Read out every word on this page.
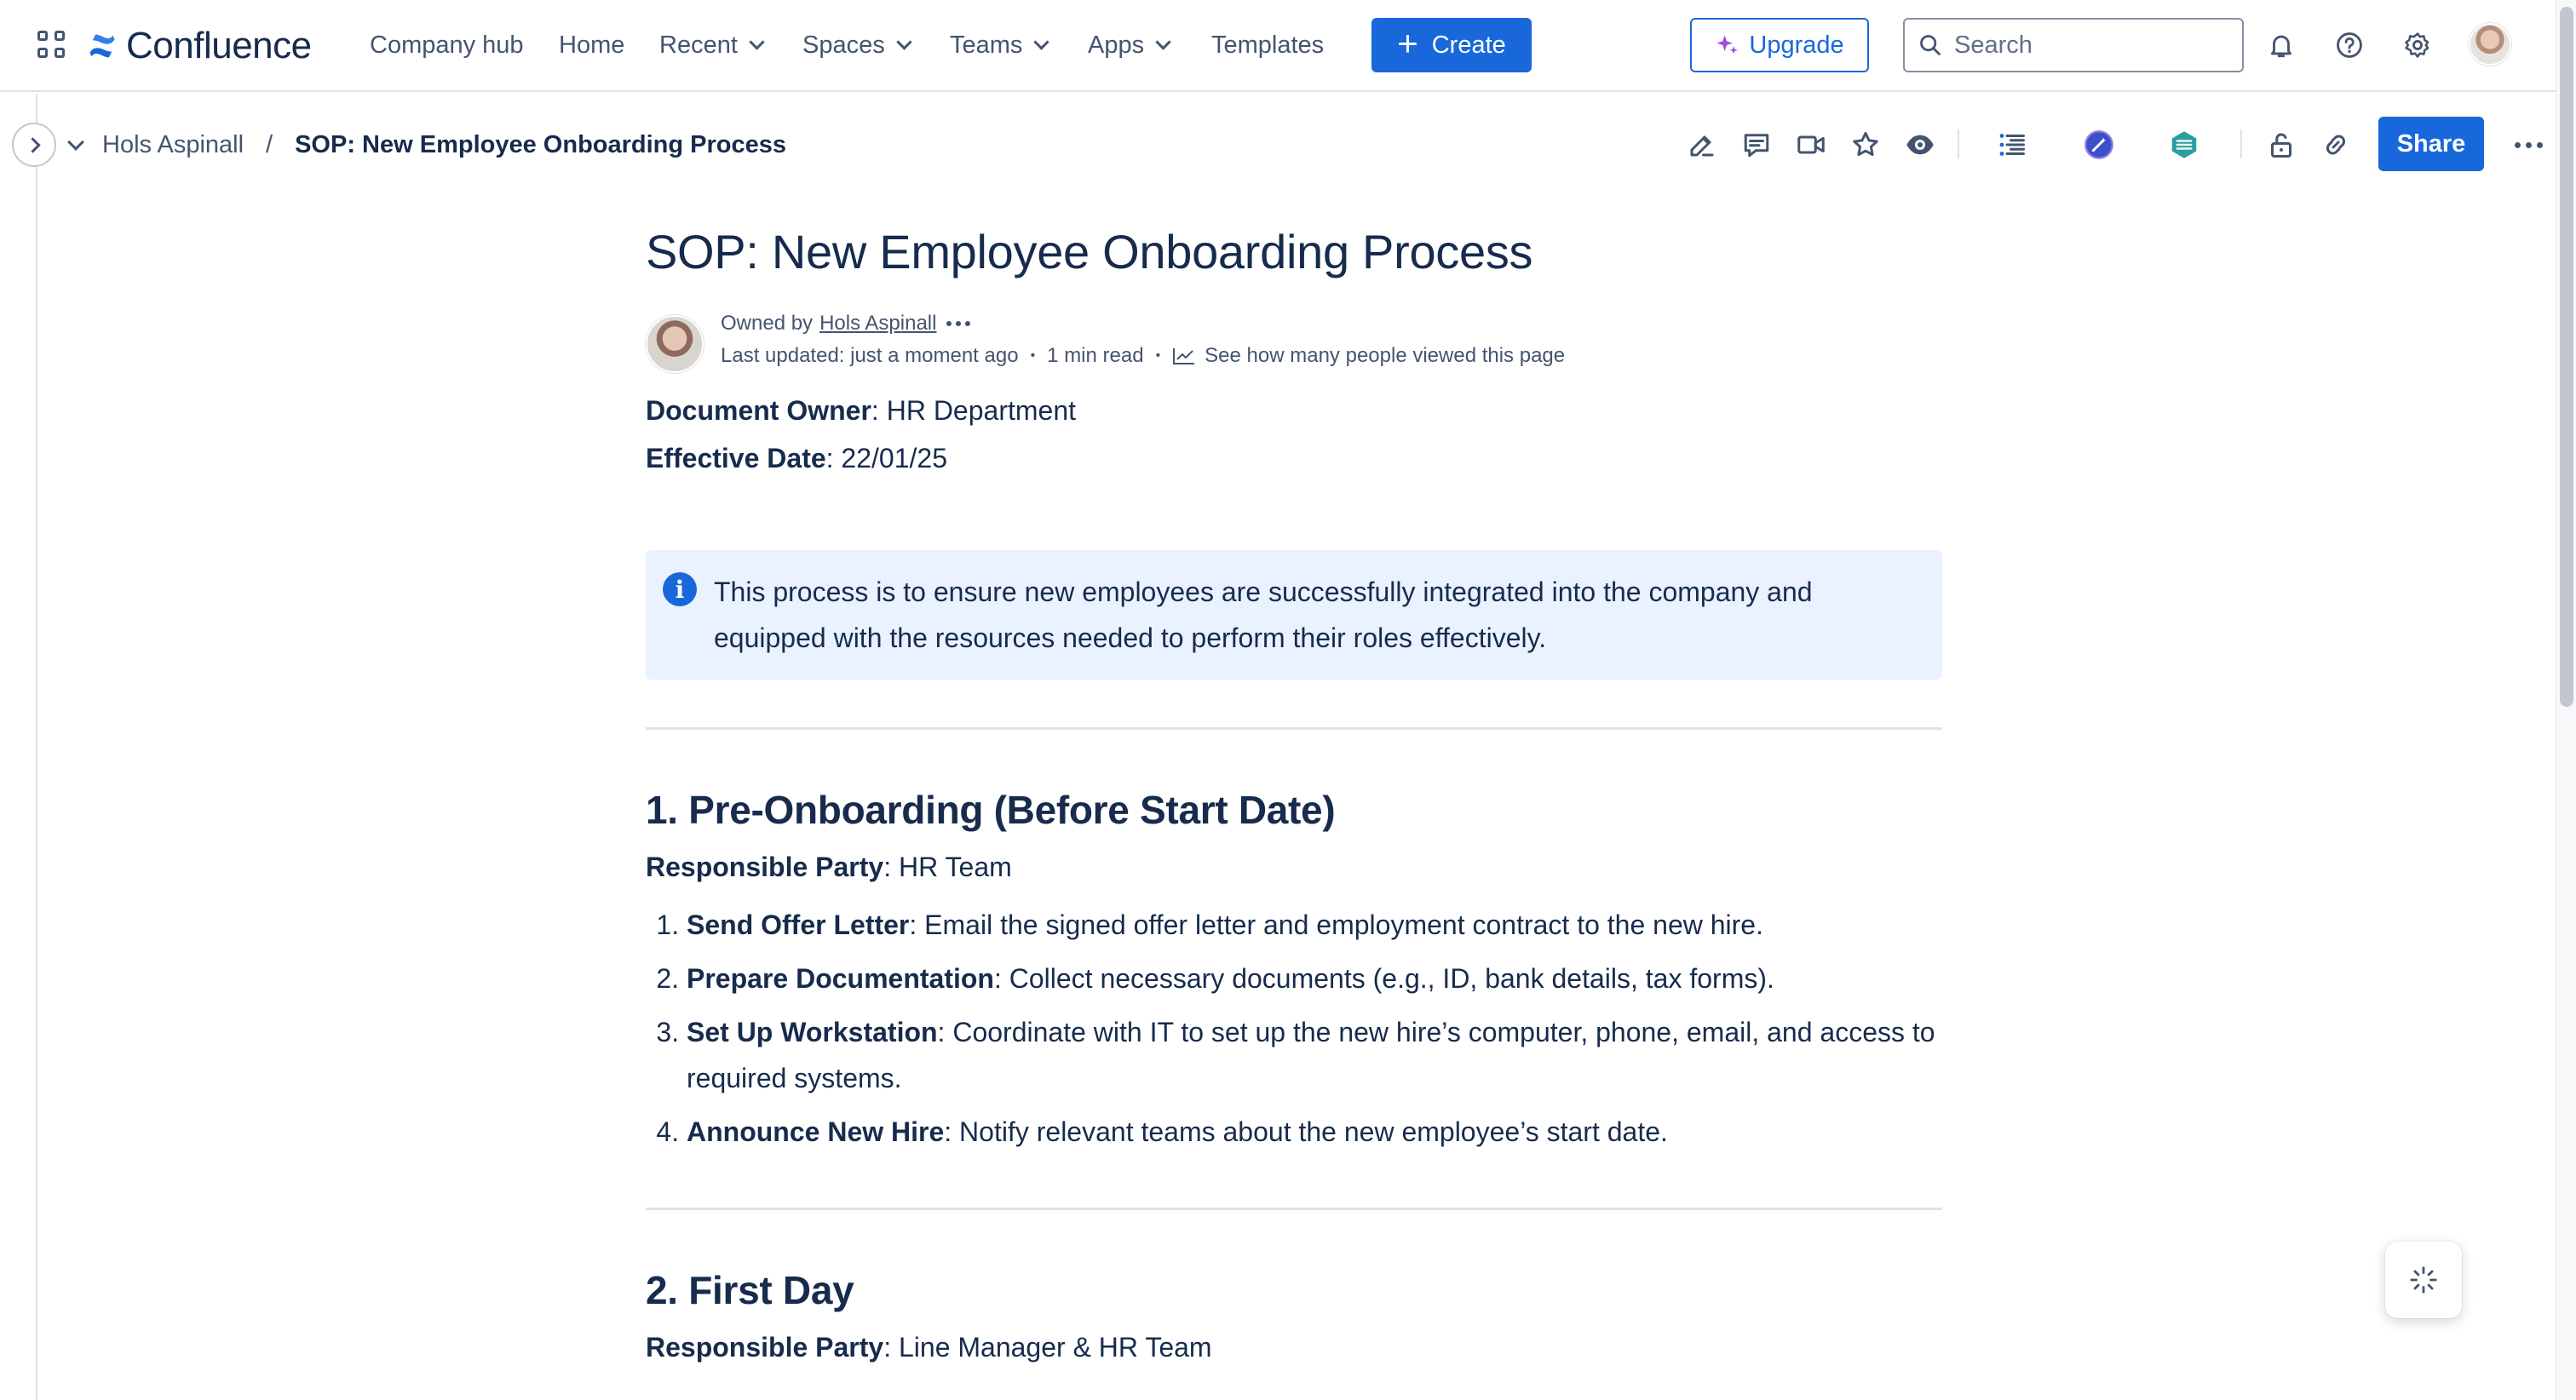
Confluence Company hub Home Recent	Spaces	Teams	Apps	Templates + Create	Upgrade
Search
Hols Aspinall / SOP: New Employee Onboarding Process	Share
SOP: New Employee Onboarding Process
Owned by Hols Aspinall
Last updated: just a moment ago • 1 min read • See how many people viewed this page

Document Owner: HR Department

Effective Date: 22/01/25

i	This process is to ensure new employees are successfully integrated into the company and equipped with the resources needed to perform their roles effectively.

1. Pre-Onboarding (Before Start Date)

Responsible Party: HR Team

1. Send Offer Letter: Email the signed offer letter and employment contract to the new hire.
2. Prepare Documentation: Collect necessary documents (e.g., ID, bank details, tax forms).
3. Set Up Workstation: Coordinate with IT to set up the new hire’s computer, phone, email, and access to required systems.
4. Announce New Hire: Notify relevant teams about the new employee’s start date.
2. First Day

Responsible Party: Line Manager & HR Team
